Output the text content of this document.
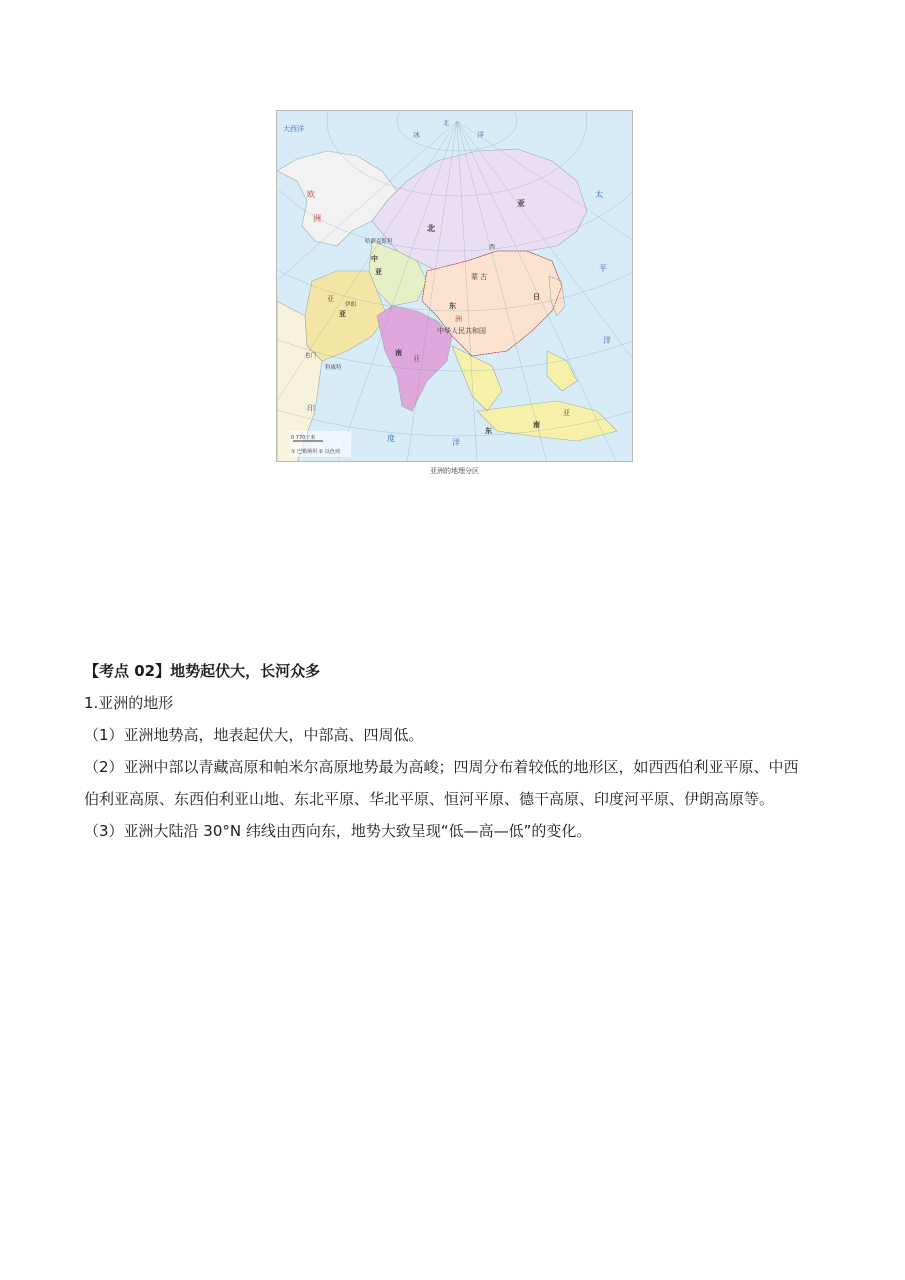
大西洋
北
冰	洋
太
平
洋
印
度	洋
欧
洲
北
亚
中
亚
亚
亚
东
洲
蒙 古
中华人民共和国
南
亚
日
东
南
亚
伊朗
也门
科威特
哈萨克斯坦
西
0 770千米
① 巴勒斯坦 ② 以色列
亚洲的地理分区

【考点 02】地势起伏大，长河众多

1.亚洲的地形

（1）亚洲地势高，地表起伏大，中部高、四周低。

（2）亚洲中部以青藏高原和帕米尔高原地势最为高峻；四周分布着较低的地形区，如西西伯利亚平原、中西

伯利亚高原、东西伯利亚山地、东北平原、华北平原、恒河平原、德干高原、印度河平原、伊朗高原等。

（3）亚洲大陆沿 30°N 纬线由西向东，地势大致呈现“低—高—低”的变化。
